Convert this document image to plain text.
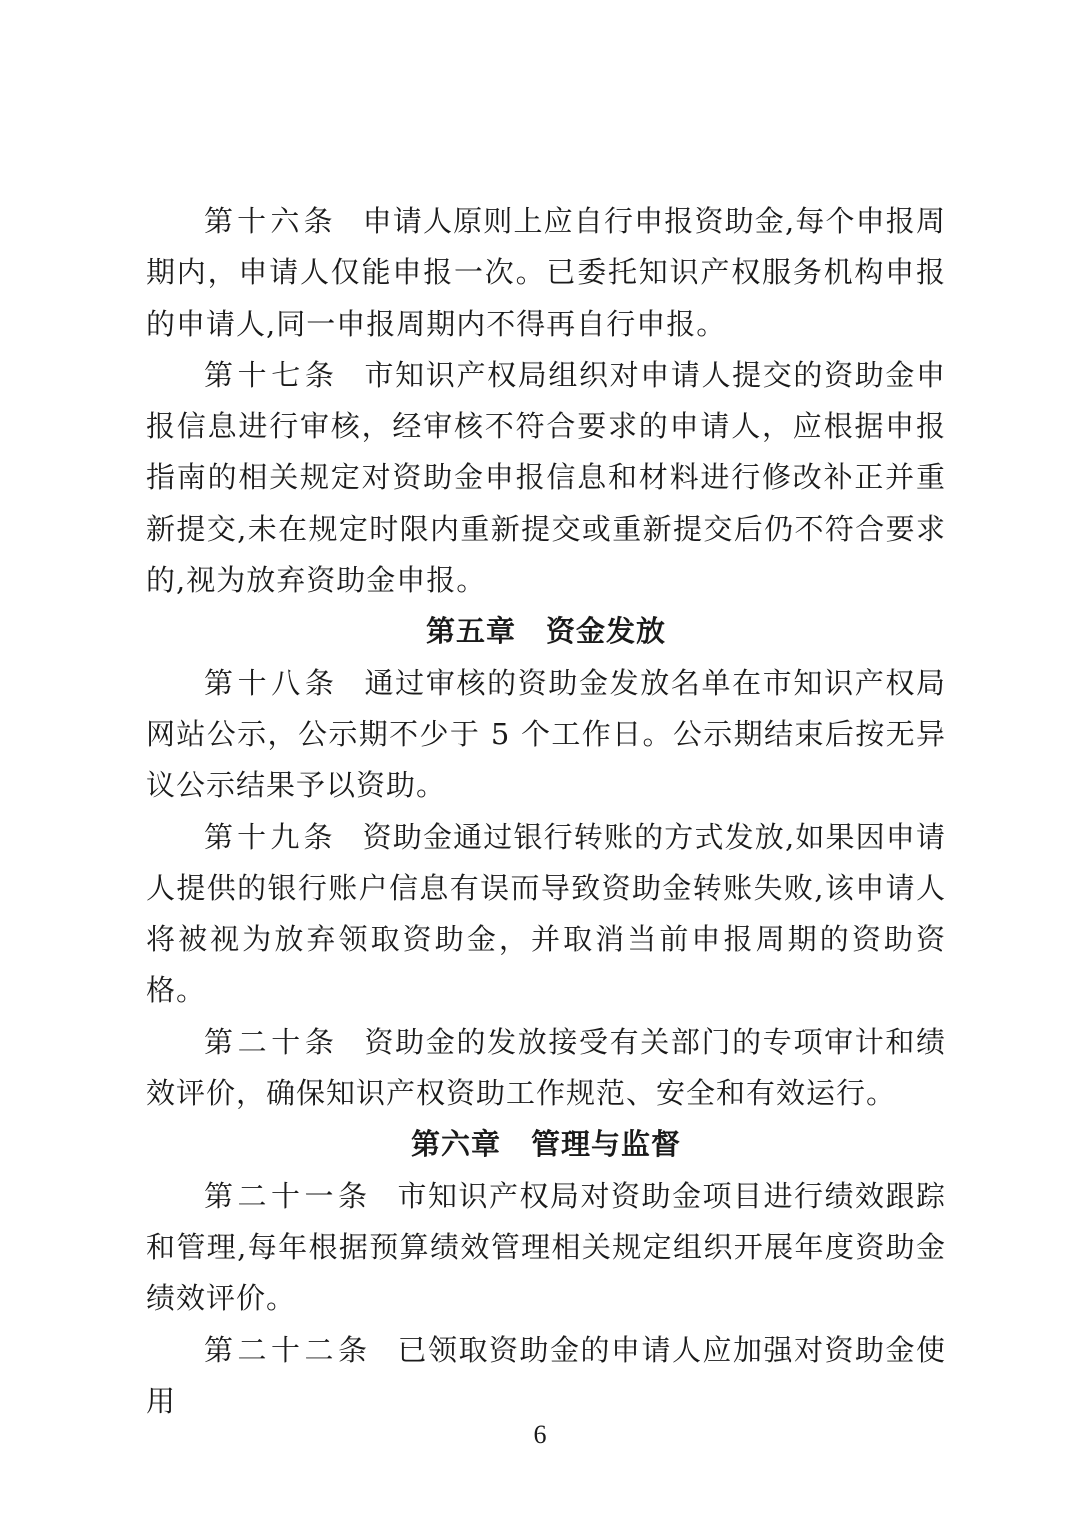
第十六条 申请人原则上应自行申报资助金,每个申报周期内，申请人仅能申报一次。已委托知识产权服务机构申报的申请人,同一申报周期内不得再自行申报。

第十七条 市知识产权局组织对申请人提交的资助金申报信息进行审核，经审核不符合要求的申请人，应根据申报指南的相关规定对资助金申报信息和材料进行修改补正并重新提交,未在规定时限内重新提交或重新提交后仍不符合要求的,视为放弃资助金申报。

第五章 资金发放

第十八条 通过审核的资助金发放名单在市知识产权局网站公示，公示期不少于 5 个工作日。公示期结束后按无异议公示结果予以资助。

第十九条 资助金通过银行转账的方式发放,如果因申请人提供的银行账户信息有误而导致资助金转账失败,该申请人将被视为放弃领取资助金，并取消当前申报周期的资助资格。

第二十条 资助金的发放接受有关部门的专项审计和绩效评价，确保知识产权资助工作规范、安全和有效运行。

第六章 管理与监督

第二十一条 市知识产权局对资助金项目进行绩效跟踪和管理,每年根据预算绩效管理相关规定组织开展年度资助金绩效评价。

第二十二条 已领取资助金的申请人应加强对资助金使用

6
